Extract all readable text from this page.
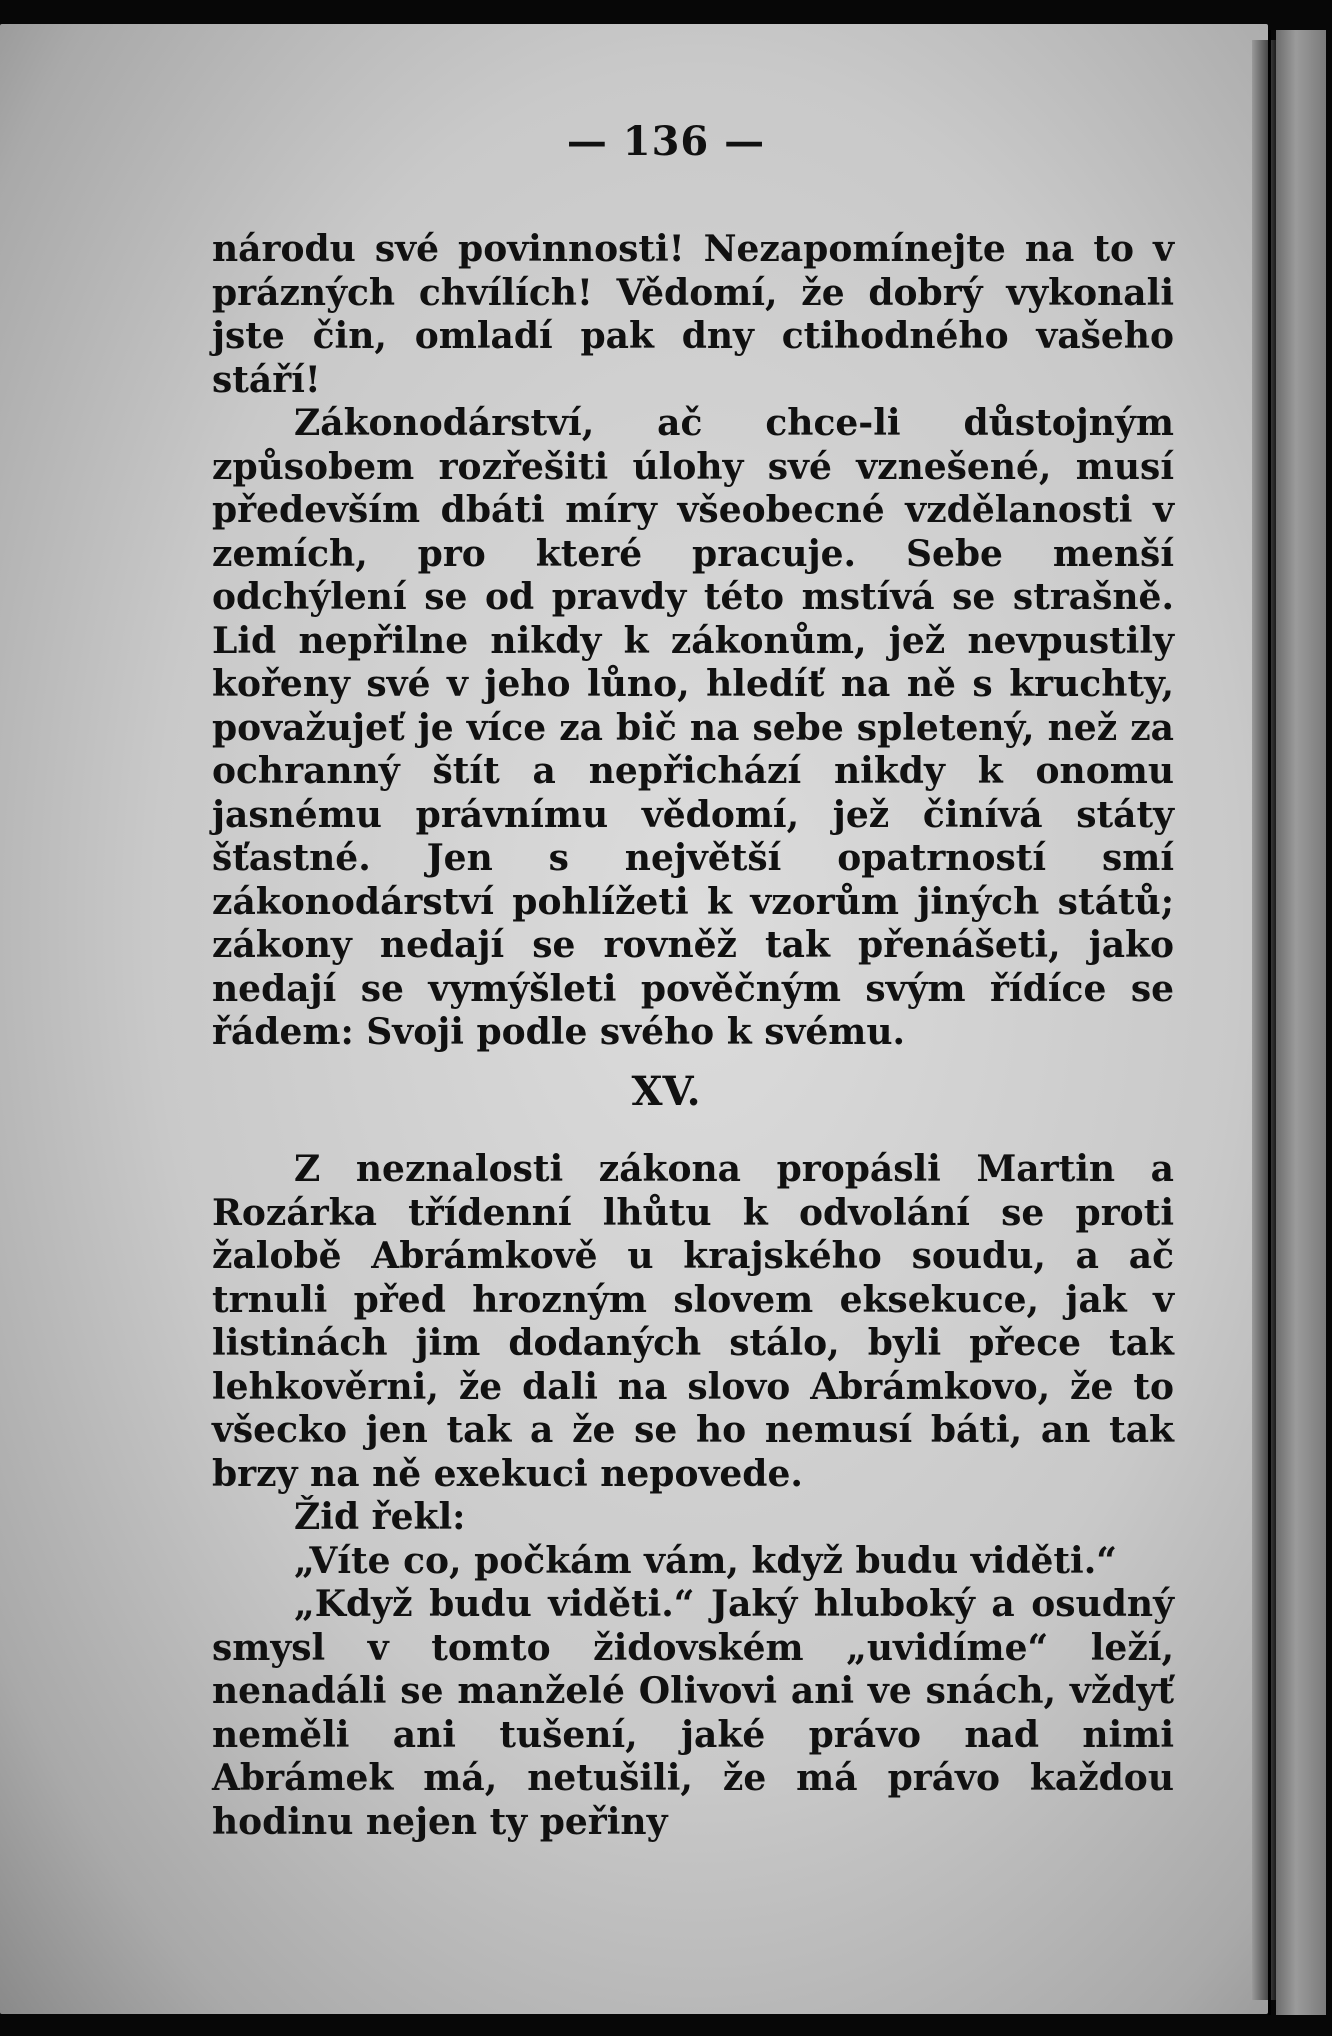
— 136 —

národu své povinnosti! Nezapomínejte na to v prázných chvílích! Vědomí, že dobrý vykonali jste čin, omladí pak dny ctihodného vašeho stáří!

Zákonodárství, ač chce-li důstojným způsobem rozřešiti úlohy své vznešené, musí především dbáti míry všeobecné vzdělanosti v zemích, pro které pracuje. Sebe menší odchýlení se od pravdy této mstívá se strašně. Lid nepřilne nikdy k zákonům, jež nevpustily kořeny své v jeho lůno, hledíť na ně s kruchty, považujeť je více za bič na sebe spletený, než za ochranný štít a nepřichází nikdy k onomu jasnému právnímu vědomí, jež činívá státy šťastné. Jen s největší opatrností smí zákonodárství pohlížeti k vzorům jiných států; zákony nedají se rovněž tak přenášeti, jako nedají se vymýšleti pověčným svým řídíce se řádem: Svoji podle svého k svému.

XV.

Z neznalosti zákona propásli Martin a Rozárka třídenní lhůtu k odvolání se proti žalobě Abrámkově u krajského soudu, a ač trnuli před hrozným slovem eksekuce, jak v listinách jim dodaných stálo, byli přece tak lehkověrni, že dali na slovo Abrámkovo, že to všecko jen tak a že se ho nemusí báti, an tak brzy na ně exekuci nepovede.

Žid řekl:

„Víte co, počkám vám, když budu viděti.“

„Když budu viděti.“ Jaký hluboký a osudný smysl v tomto židovském „uvidíme“ leží, nenadáli se manželé Olivovi ani ve snách, vždyť neměli ani tušení, jaké právo nad nimi Abrámek má, netušili, že má právo každou hodinu nejen ty peřiny
